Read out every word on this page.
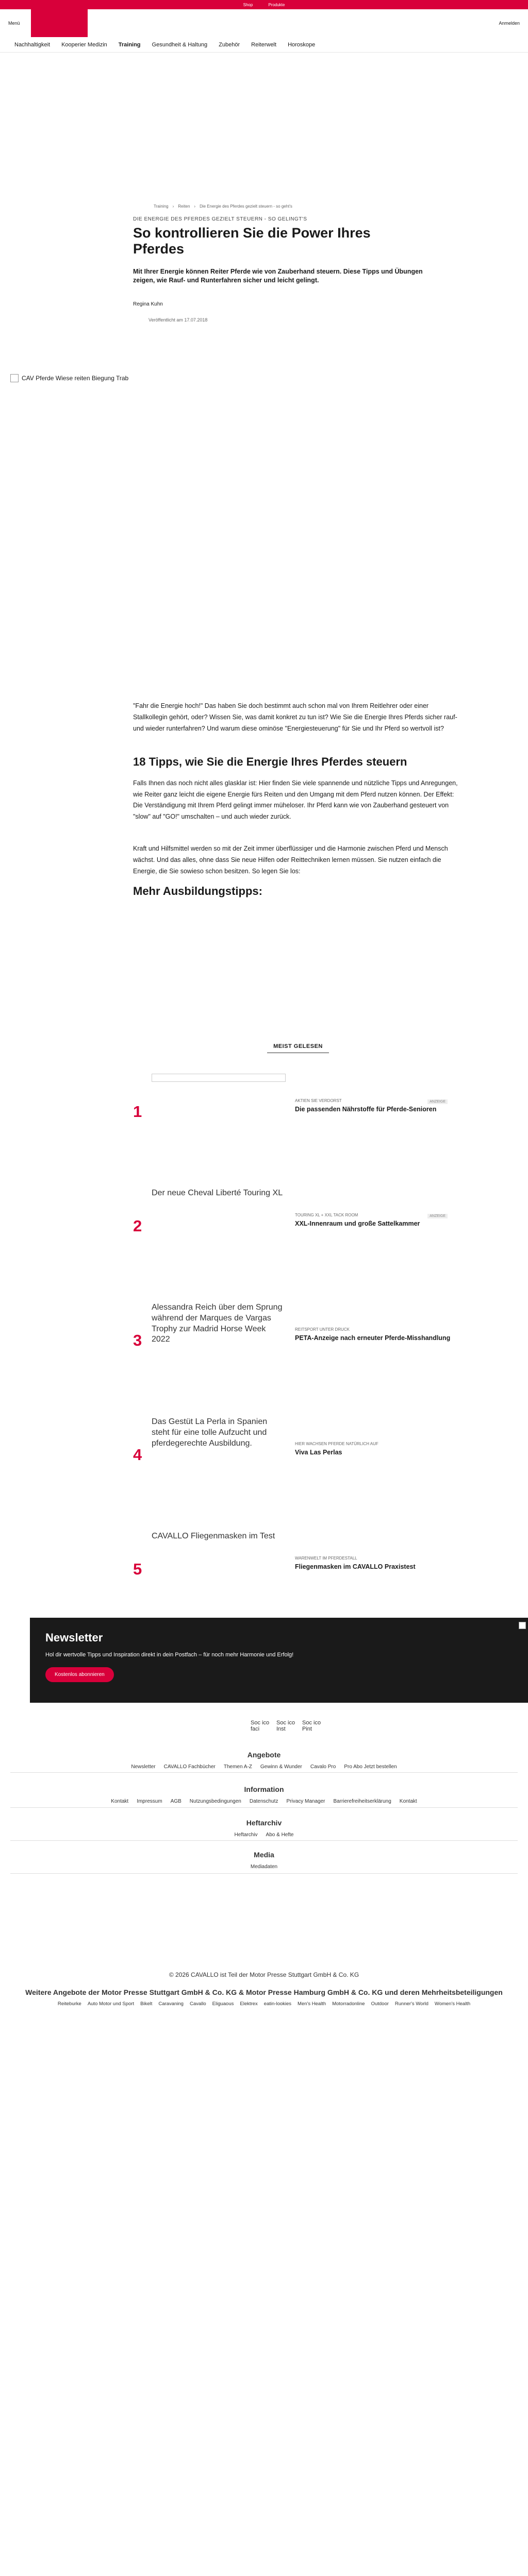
Shop	Produkte
Menü	Anmelden
Nachhaltigkeit Kooperier Medizin Training Gesundheit & Haltung Zubehör Reiterwelt Horoskope
Training › Reiten › Die Energie des Pferdes gezielt steuern - so geht's
DIE ENERGIE DES PFERDES GEZIELT STEUERN - SO GELINGT'S
So kontrollieren Sie die Power Ihres Pferdes

Mit Ihrer Energie können Reiter Pferde wie von Zauberhand steuern. Diese Tipps und Übungen zeigen, wie Rauf- und Runterfahren sicher und leicht gelingt.

Regina Kuhn
Veröffentlicht am 17.07.2018
CAV Pferde Wiese reiten Biegung Trab

"Fahr die Energie hoch!" Das haben Sie doch bestimmt auch schon mal von Ihrem Reitlehrer oder einer Stallkollegin gehört, oder? Wissen Sie, was damit konkret zu tun ist? Wie Sie die Energie Ihres Pferds sicher rauf- und wieder runterfahren? Und warum diese ominöse "Energiesteuerung" für Sie und Ihr Pferd so wertvoll ist?

18 Tipps, wie Sie die Energie Ihres Pferdes steuern

Falls Ihnen das noch nicht alles glasklar ist: Hier finden Sie viele spannende und nützliche Tipps und Anregungen, wie Reiter ganz leicht die eigene Energie fürs Reiten und den Umgang mit dem Pferd nutzen können. Der Effekt: Die Verständigung mit Ihrem Pferd gelingt immer müheloser. Ihr Pferd kann wie von Zauberhand gesteuert von "slow" auf "GO!" umschalten – und auch wieder zurück.

Kraft und Hilfsmittel werden so mit der Zeit immer überflüssiger und die Harmonie zwischen Pferd und Mensch wächst. Und das alles, ohne dass Sie neue Hilfen oder Reittechniken lernen müssen. Sie nutzen einfach die Energie, die Sie sowieso schon besitzen. So legen Sie los:

Mehr Ausbildungstipps:
MEIST GELESEN
1
AKTIEN SIE VERDORST
Die passenden Nährstoffe für Pferde-Senioren
ANZEIGE
2
Der neue Cheval Liberté Touring XL
TOURING XL + XXL TACK ROOM
XXL-Innenraum und große Sattelkammer
ANZEIGE
3
Alessandra Reich über dem Sprung während der Marques de Vargas Trophy zur Madrid Horse Week 2022
REITSPORT UNTER DRUCK
PETA-Anzeige nach erneuter Pferde-Misshandlung
4
Das Gestüt La Perla in Spanien steht für eine tolle Aufzucht und pferdegerechte Ausbildung.	HIER WACHSEN PFERDE NATÜRLICH AUF
Viva Las Perlas
5
CAVALLO Fliegenmasken im Test
WARENWELT IM PFERDESTALL
Fliegenmasken im CAVALLO Praxistest
Newsletter

Hol dir wertvolle Tipps und Inspiration direkt in dein Postfach – für noch mehr Harmonie und Erfolg!

Kostenlos abonnieren
Soc ico faci
Soc ico Inst
Soc ico Pint
Angebote
Newsletter CAVALLO Fachbücher Themen A-Z Gewinn & Wunder Cavalo Pro Pro Abo Jetzt bestellen
Information
Kontakt Impressum AGB Nutzungsbedingungen Datenschutz Privacy Manager Barrierefreiheitserklärung Kontakt
Heftarchiv
Heftarchiv Abo & Hefte
Media
Mediadaten
© 2026 CAVALLO ist Teil der Motor Presse Stuttgart GmbH & Co. KG
Weitere Angebote der Motor Presse Stuttgart GmbH & Co. KG & Motor Presse Hamburg GmbH & Co. KG und deren Mehrheitsbeteiligungen
Reiteburke Auto Motor und Sport Bikelt Caravaning Cavallo Eliguaous Elektrex eatin-lookies Men's Health Motorradonline Outdoor Runner's World Women's Health
